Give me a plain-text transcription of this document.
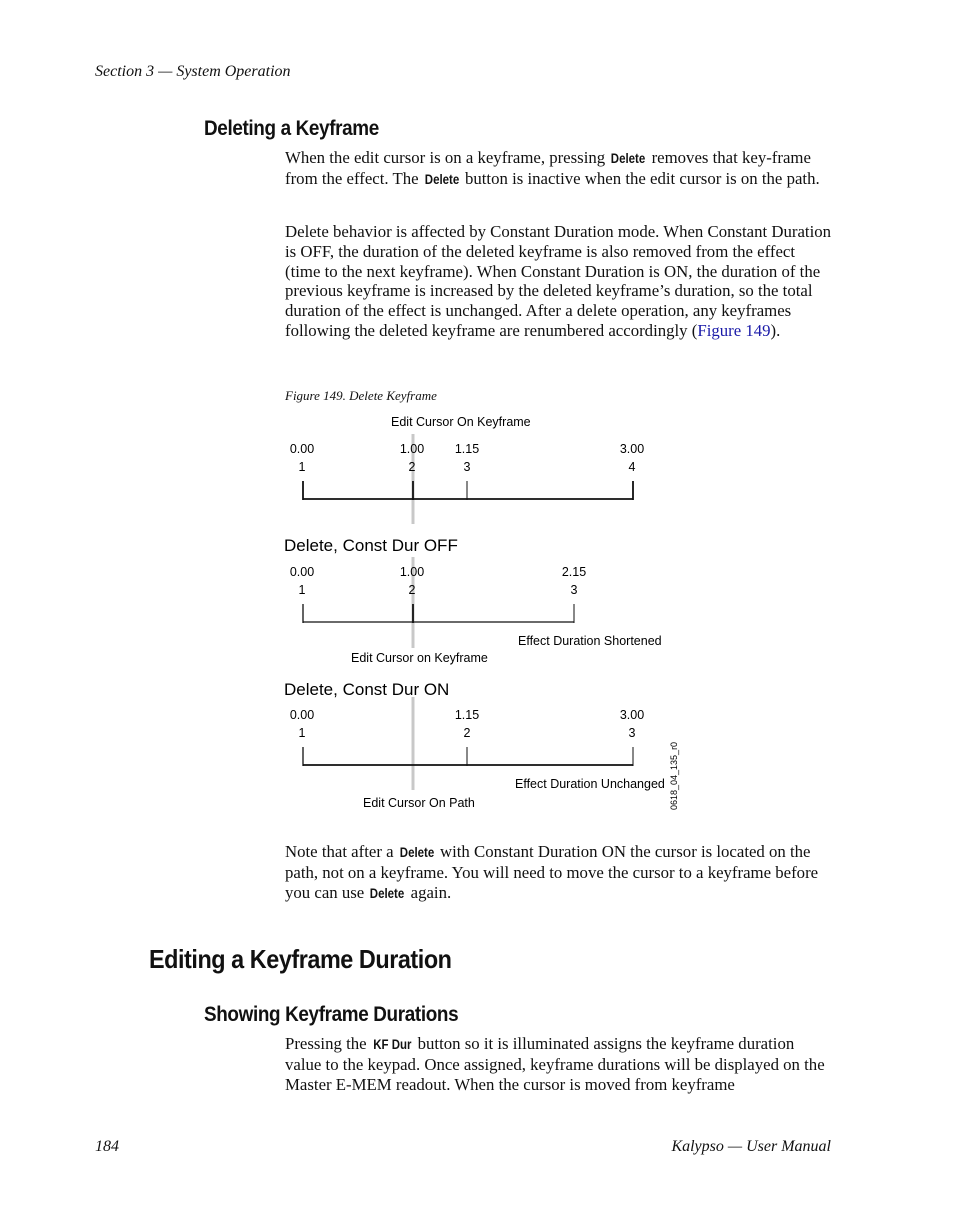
Section 3 — System Operation
Deleting a Keyframe

When the edit cursor is on a keyframe, pressing Delete removes that key-frame from the effect. The Delete button is inactive when the edit cursor is on the path.

Delete behavior is affected by Constant Duration mode. When Constant Duration is OFF, the duration of the deleted keyframe is also removed from the effect (time to the next keyframe). When Constant Duration is ON, the duration of the previous keyframe is increased by the deleted keyframe’s duration, so the total duration of the effect is unchanged. After a delete operation, any keyframes following the deleted keyframe are renumbered accordingly (Figure 149).

Figure 149. Delete Keyframe
Edit Cursor On Keyframe
0.00
1
1.00
2
1.15
3
3.00
4
Delete, Const Dur OFF
0.00
1
1.00
2
2.15
3
Effect Duration Shortened
Edit Cursor on Keyframe
Delete, Const Dur ON
0.00
1
1.15
2
3.00
3
Effect Duration Unchanged
Edit Cursor On Path	0618_04_135_r0

Note that after a Delete with Constant Duration ON the cursor is located on the path, not on a keyframe. You will need to move the cursor to a keyframe before you can use Delete again.

Editing a Keyframe Duration
Showing Keyframe Durations

Pressing the KF Dur button so it is illuminated assigns the keyframe duration value to the keypad. Once assigned, keyframe durations will be displayed on the Master E-MEM readout. When the cursor is moved from keyframe

184	Kalypso — User Manual
